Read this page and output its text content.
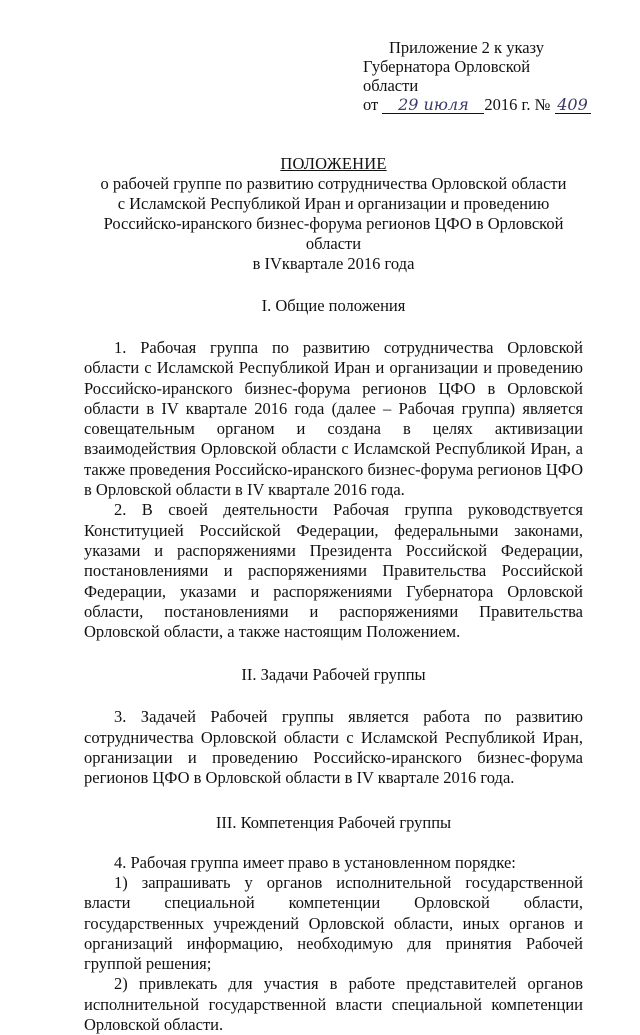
Приложение 2 к указу
Губернатора Орловской области
от 29 июля 2016 г. № 409
ПОЛОЖЕНИЕ
о рабочей группе по развитию сотрудничества Орловской области
с Исламской Республикой Иран и организации и проведению
Российско-иранского бизнес-форума регионов ЦФО в Орловской области
в IVквартале 2016 года
I. Общие положения

1. Рабочая группа по развитию сотрудничества Орловской области с Исламской Республикой Иран и организации и проведению Российско-иранского бизнес-форума регионов ЦФО в Орловской области в IV квартале 2016 года (далее – Рабочая группа) является совещательным органом и создана в целях активизации взаимодействия Орловской области с Исламской Республикой Иран, а также проведения Российско-иранского бизнес-форума регионов ЦФО в Орловской области в IV квартале 2016 года.

2. В своей деятельности Рабочая группа руководствуется Конституцией Российской Федерации, федеральными законами, указами и распоряжениями Президента Российской Федерации, постановлениями и распоряжениями Правительства Российской Федерации, указами и распоряжениями Губернатора Орловской области, постановлениями и распоряжениями Правительства Орловской области, а также настоящим Положением.

II. Задачи Рабочей группы

3. Задачей Рабочей группы является работа по развитию сотрудничества Орловской области с Исламской Республикой Иран, организации и проведению Российско-иранского бизнес-форума регионов ЦФО в Орловской области в IV квартале 2016 года.

III. Компетенция Рабочей группы

4. Рабочая группа имеет право в установленном порядке:

1) запрашивать у органов исполнительной государственной власти специальной компетенции Орловской области, государственных учреждений Орловской области, иных органов и организаций информацию, необходимую для принятия Рабочей группой решения;

2) привлекать для участия в работе представителей органов исполнительной государственной власти специальной компетенции Орловской области.
